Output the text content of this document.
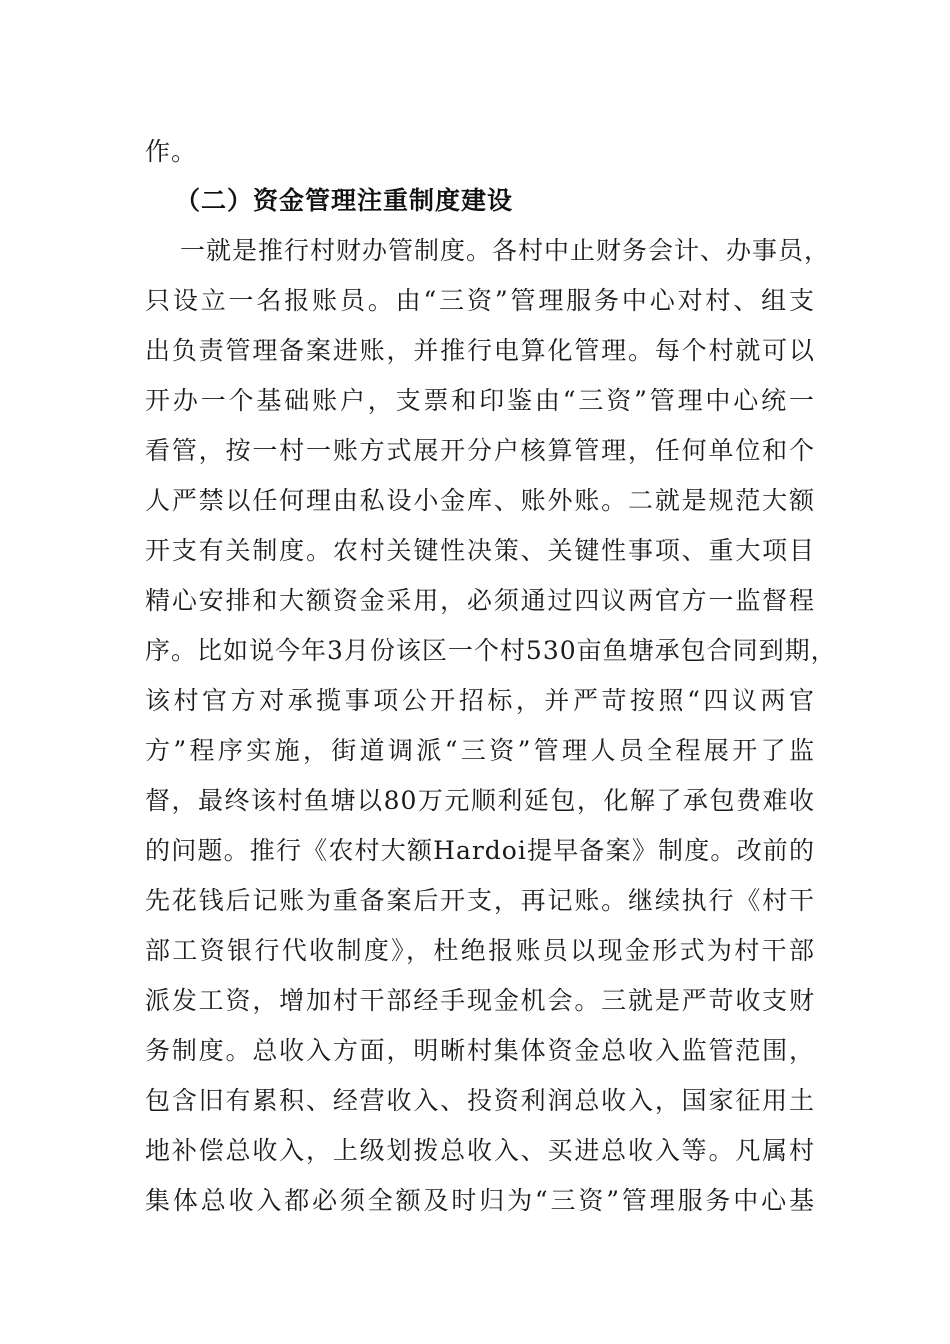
作。
（二）资金管理注重制度建设
一就是推行村财办管制度。各村中止财务会计、办事员，
只设立一名报账员。由“三资”管理服务中心对村、组支
出负责管理备案进账，并推行电算化管理。每个村就可以
开办一个基础账户，支票和印鉴由“三资”管理中心统一
看管，按一村一账方式展开分户核算管理，任何单位和个
人严禁以任何理由私设小金库、账外账。二就是规范大额
开支有关制度。农村关键性决策、关键性事项、重大项目
精心安排和大额资金采用，必须通过四议两官方一监督程
序。比如说今年3月份该区一个村530亩鱼塘承包合同到期，
该村官方对承揽事项公开招标，并严苛按照“四议两官
方”程序实施，街道调派“三资”管理人员全程展开了监
督，最终该村鱼塘以80万元顺利延包，化解了承包费难收
的问题。推行《农村大额Hardoi提早备案》制度。改前的
先花钱后记账为重备案后开支，再记账。继续执行《村干
部工资银行代收制度》，杜绝报账员以现金形式为村干部
派发工资，增加村干部经手现金机会。三就是严苛收支财
务制度。总收入方面，明晰村集体资金总收入监管范围，
包含旧有累积、经营收入、投资利润总收入，国家征用土
地补偿总收入，上级划拨总收入、买进总收入等。凡属村
集体总收入都必须全额及时归为“三资”管理服务中心基
